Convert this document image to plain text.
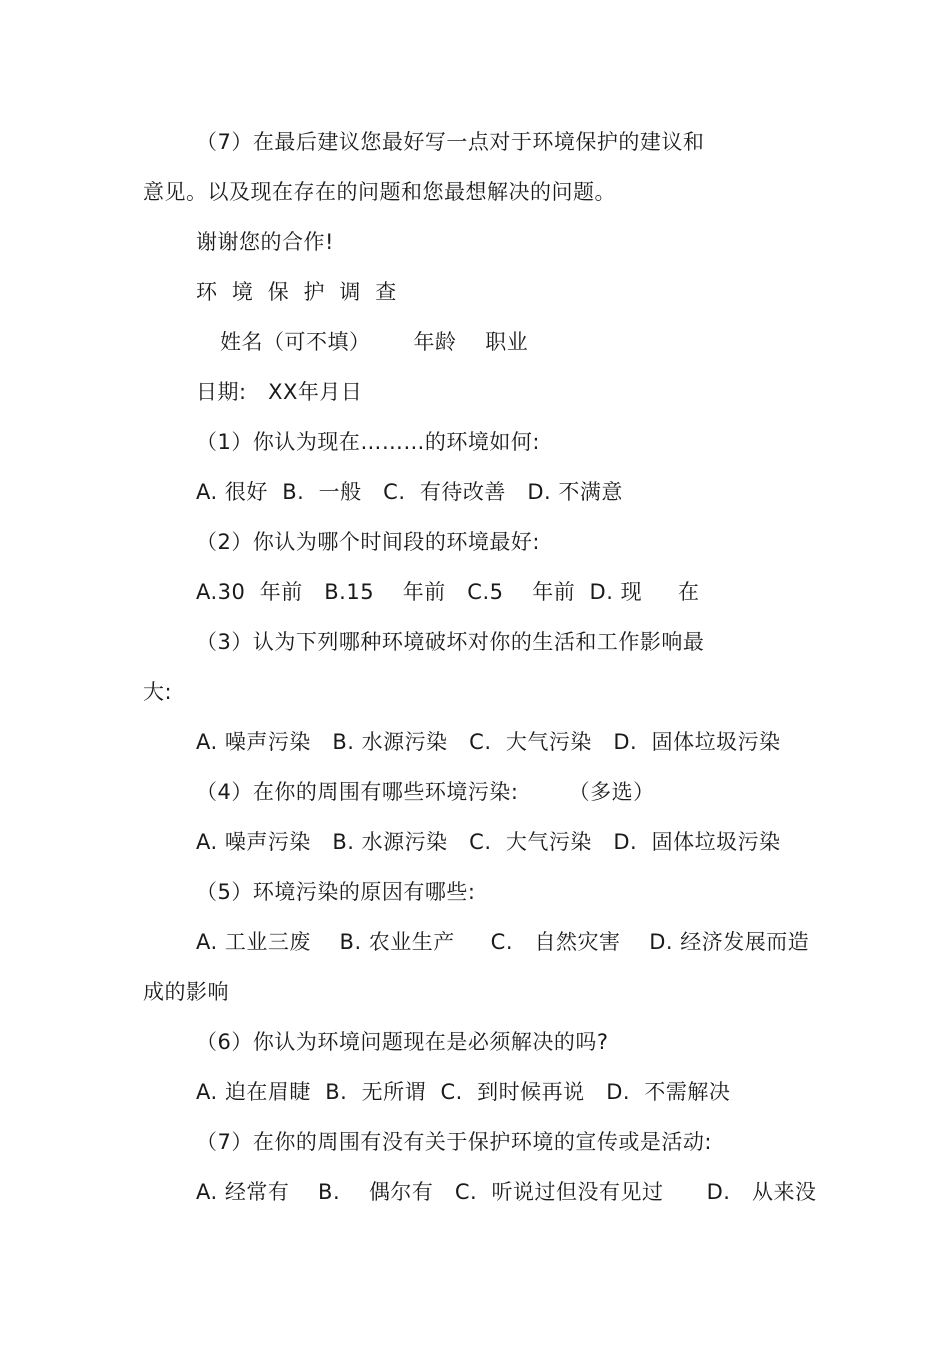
（7）在最后建议您最好写一点对于环境保护的建议和
意见。以及现在存在的问题和您最想解决的问题。
谢谢您的合作!
环  境  保  护  调  查
姓名（可不填）      年龄    职业
日期:   XX年月日
（1）你认为现在………的环境如何:
A. 很好  B.  一般   C.  有待改善   D. 不满意
（2）你认为哪个时间段的环境最好:
A.30  年前   B.15    年前   C.5    年前  D. 现     在
（3）认为下列哪种环境破坏对你的生活和工作影响最
大:
A. 噪声污染   B. 水源污染   C.  大气污染   D.  固体垃圾污染
（4）在你的周围有哪些环境污染:       （多选）
A. 噪声污染   B. 水源污染   C.  大气污染   D.  固体垃圾污染
（5）环境污染的原因有哪些:
A. 工业三废    B. 农业生产     C.   自然灾害    D. 经济发展而造
成的影响
（6）你认为环境问题现在是必须解决的吗?
A. 迫在眉睫  B.  无所谓  C.  到时候再说   D.  不需解决
（7）在你的周围有没有关于保护环境的宣传或是活动:
A. 经常有    B.    偶尔有   C.  听说过但没有见过      D.   从来没
